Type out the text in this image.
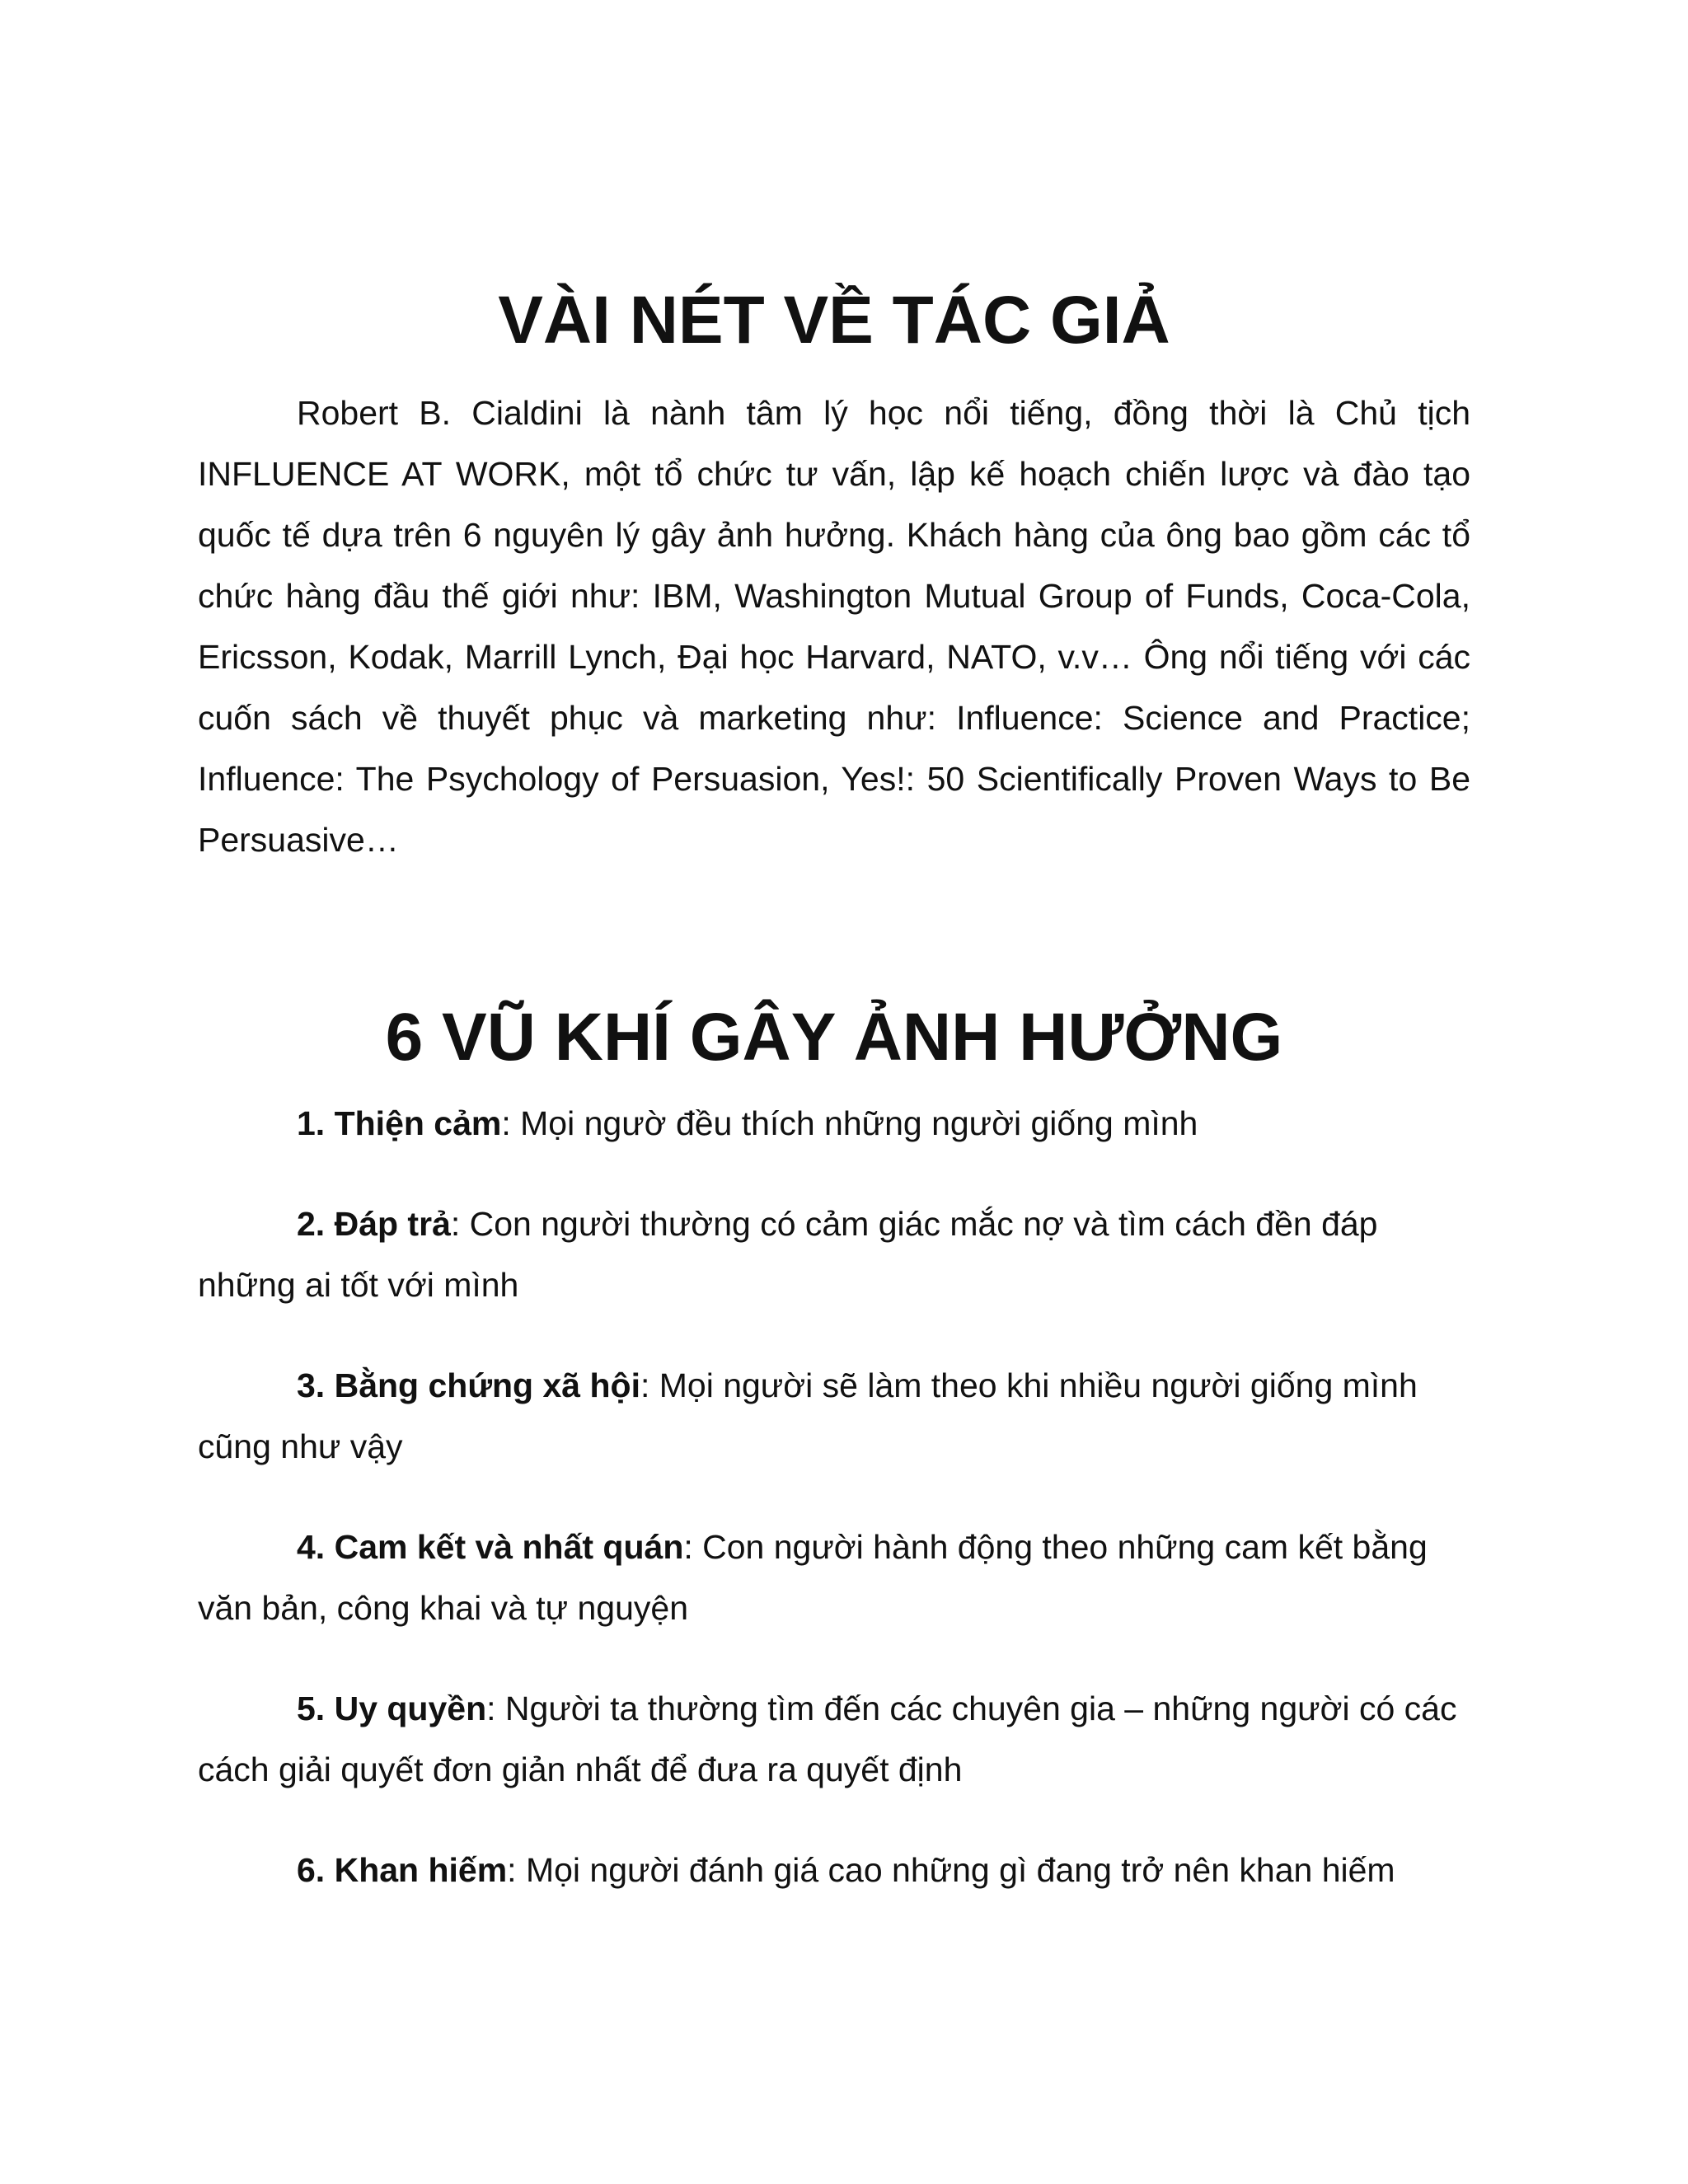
VÀI NÉT VỀ TÁC GIẢ

Robert B. Cialdini là nành tâm lý học nổi tiếng, đồng thời là Chủ tịch INFLUENCE AT WORK, một tổ chức tư vấn, lập kế hoạch chiến lược và đào tạo quốc tế dựa trên 6 nguyên lý gây ảnh hưởng. Khách hàng của ông bao gồm các tổ chức hàng đầu thế giới như: IBM, Washington Mutual Group of Funds, Coca-Cola, Ericsson, Kodak, Marrill Lynch, Đại học Harvard, NATO, v.v… Ông nổi tiếng với các cuốn sách về thuyết phục và marketing như: Influence: Science and Practice; Influence: The Psychology of Persuasion, Yes!: 50 Scientifically Proven Ways to Be Persuasive…

6 VŨ KHÍ GÂY ẢNH HƯỞNG

1. Thiện cảm: Mọi ngườ đều thích những người giống mình

2. Đáp trả: Con người thường có cảm giác mắc nợ và tìm cách đền đáp những ai tốt với mình

3. Bằng chứng xã hội: Mọi người sẽ làm theo khi nhiều người giống mình cũng như vậy

4. Cam kết và nhất quán: Con người hành động theo những cam kết bằng văn bản, công khai và tự nguyện

5. Uy quyền: Người ta thường tìm đến các chuyên gia – những người có các cách giải quyết đơn giản nhất để đưa ra quyết định

6. Khan hiếm: Mọi người đánh giá cao những gì đang trở nên khan hiếm
